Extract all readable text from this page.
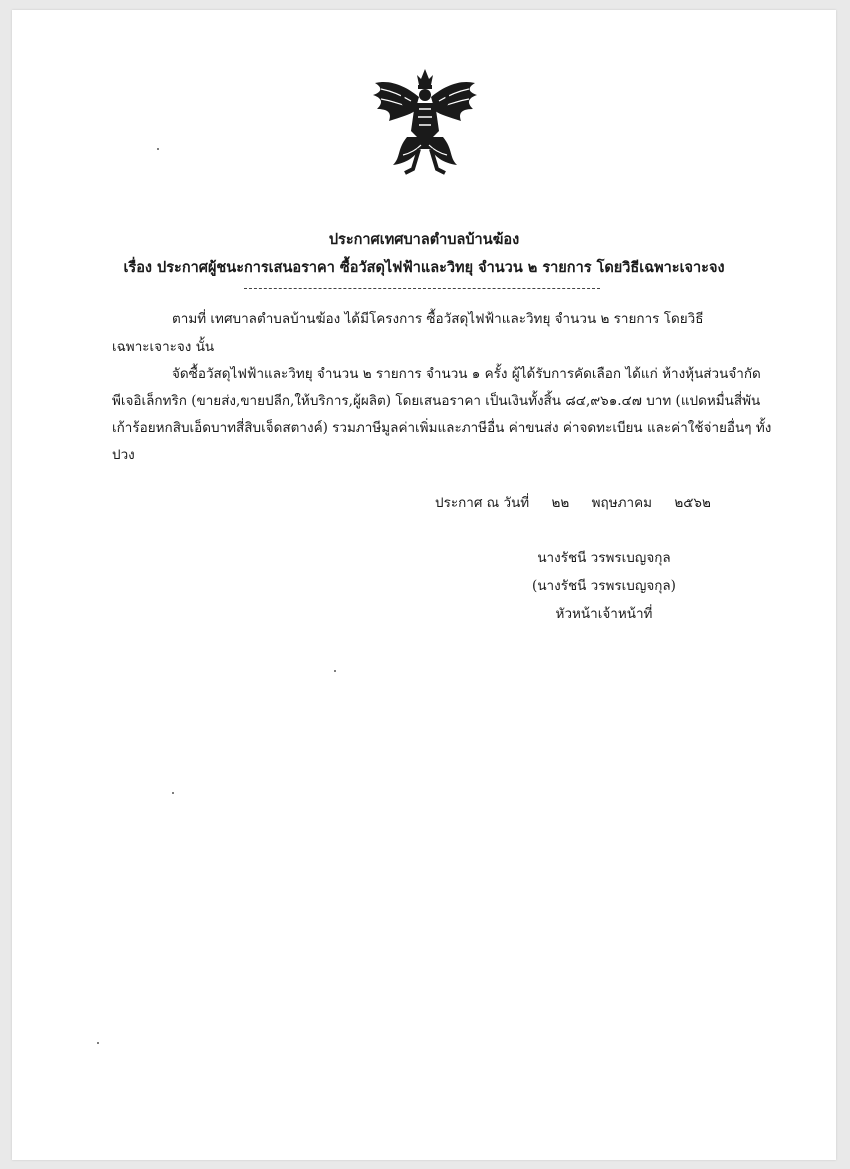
ประกาศเทศบาลตำบลบ้านฆ้อง
เรื่อง ประกาศผู้ชนะการเสนอราคา ซื้อวัสดุไฟฟ้าและวิทยุ จำนวน ๒ รายการ โดยวิธีเฉพาะเจาะจง
ตามที่ เทศบาลตำบลบ้านฆ้อง ได้มีโครงการ ซื้อวัสดุไฟฟ้าและวิทยุ จำนวน ๒ รายการ โดยวิธี
เฉพาะเจาะจง นั้น
จัดซื้อวัสดุไฟฟ้าและวิทยุ จำนวน ๒ รายการ จำนวน ๑ ครั้ง ผู้ได้รับการคัดเลือก ได้แก่ ห้างหุ้นส่วนจำกัด
พีเจอิเล็กทริก (ขายส่ง,ขายปลีก,ให้บริการ,ผู้ผลิต) โดยเสนอราคา เป็นเงินทั้งสิ้น ๘๔,๙๖๑.๔๗ บาท (แปดหมื่นสี่พัน
เก้าร้อยหกสิบเอ็ดบาทสี่สิบเจ็ดสตางค์) รวมภาษีมูลค่าเพิ่มและภาษีอื่น ค่าขนส่ง ค่าจดทะเบียน และค่าใช้จ่ายอื่นๆ ทั้ง
ปวง
ประกาศ ณ วันที่ ๒๒ พฤษภาคม ๒๕๖๒
นางรัชนี วรพรเบญจกุล
(นางรัชนี วรพรเบญจกุล)
หัวหน้าเจ้าหน้าที่
